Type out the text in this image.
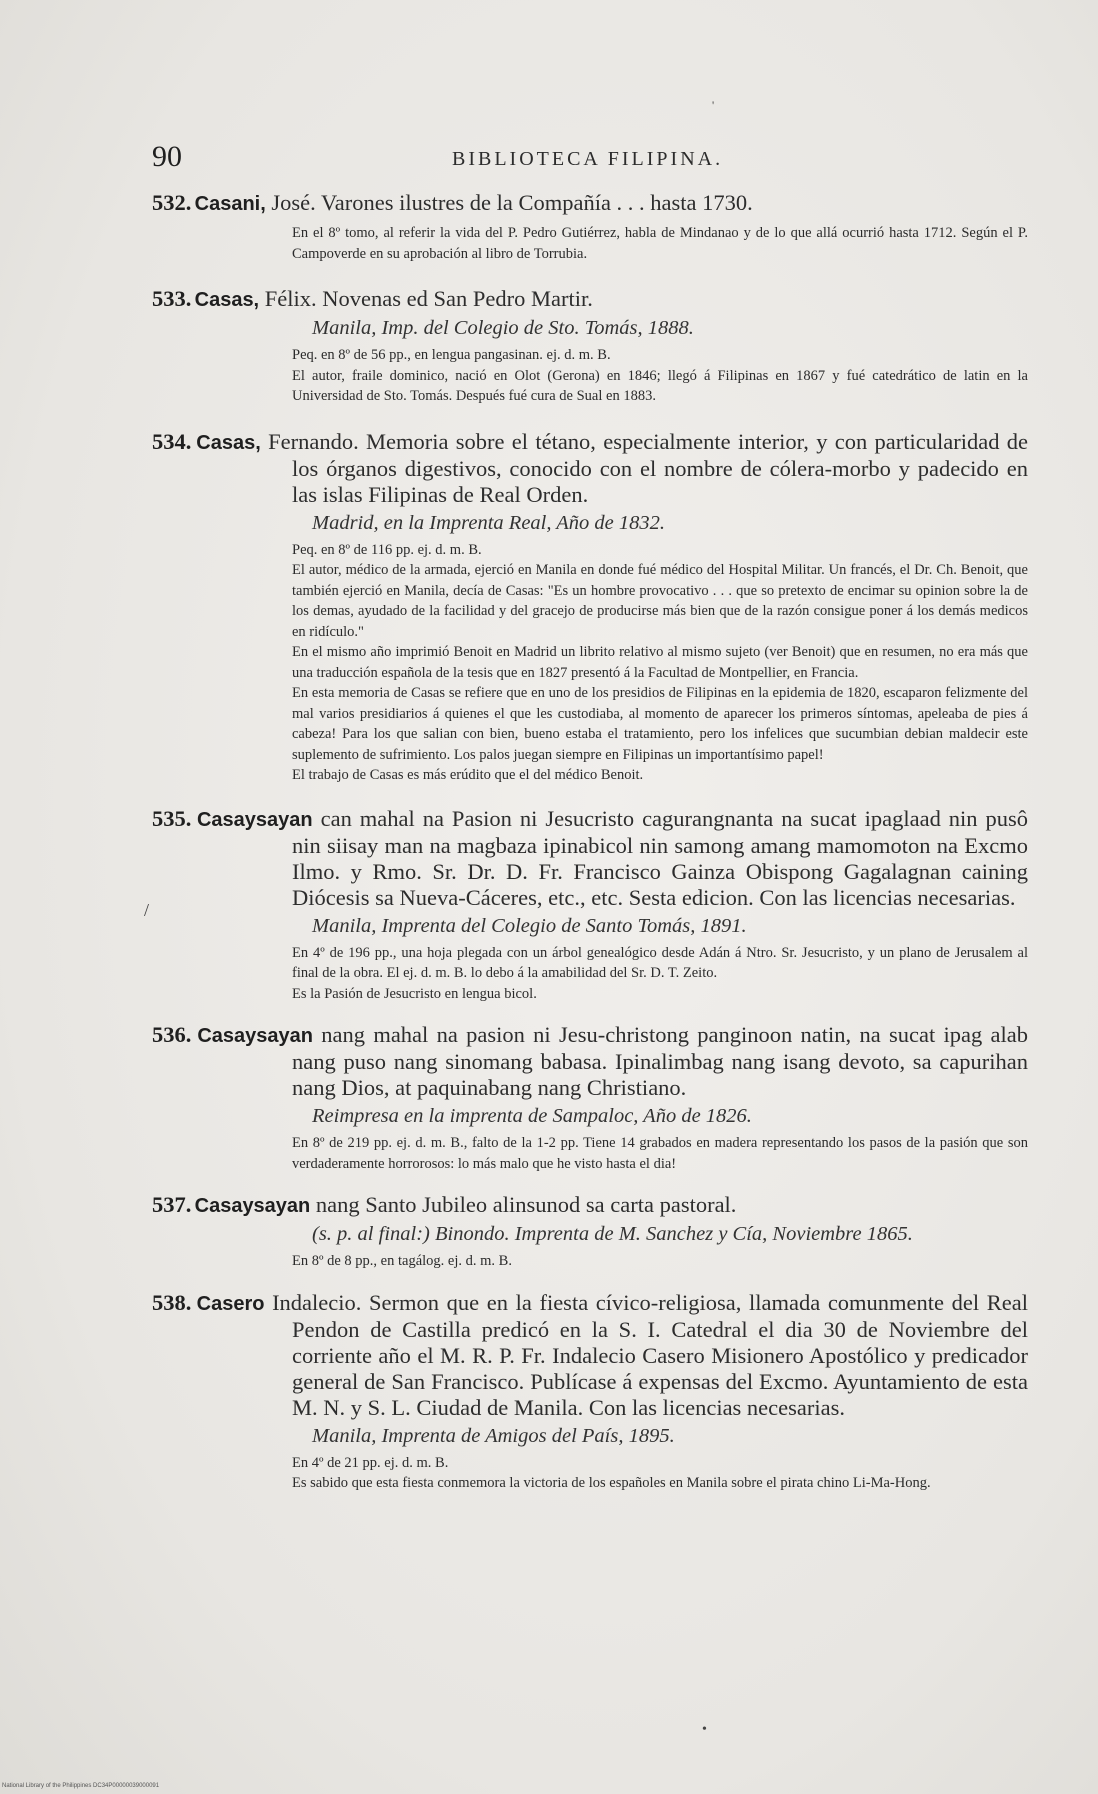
90	BIBLIOTECA FILIPINA.

532. Casani, José. Varones ilustres de la Compañía . . . hasta 1730.

En el 8º tomo, al referir la vida del P. Pedro Gutiérrez, habla de Mindanao y de lo que allá ocurrió hasta 1712. Según el P. Campoverde en su aprobación al libro de Torrubia.

533. Casas, Félix. Novenas ed San Pedro Martir.

Manila, Imp. del Colegio de Sto. Tomás, 1888.

Peq. en 8º de 56 pp., en lengua pangasinan. ej. d. m. B.

El autor, fraile dominico, nació en Olot (Gerona) en 1846; llegó á Filipinas en 1867 y fué catedrático de latin en la Universidad de Sto. Tomás. Después fué cura de Sual en 1883.

534. Casas, Fernando. Memoria sobre el tétano, especialmente interior, y con particularidad de los órganos digestivos, conocido con el nombre de cólera-morbo y padecido en las islas Filipinas de Real Orden.

Madrid, en la Imprenta Real, Año de 1832.

Peq. en 8º de 116 pp. ej. d. m. B.

El autor, médico de la armada, ejerció en Manila en donde fué médico del Hospital Militar. Un francés, el Dr. Ch. Benoit, que también ejerció en Manila, decía de Casas: "Es un hombre provocativo . . . que so pretexto de encimar su opinion sobre la de los demas, ayudado de la facilidad y del gracejo de producirse más bien que de la razón consigue poner á los demás medicos en ridículo."

En el mismo año imprimió Benoit en Madrid un librito relativo al mismo sujeto (ver Benoit) que en resumen, no era más que una traducción española de la tesis que en 1827 presentó á la Facultad de Montpellier, en Francia.

En esta memoria de Casas se refiere que en uno de los presidios de Filipinas en la epidemia de 1820, escaparon felizmente del mal varios presidiarios á quienes el que les custodiaba, al momento de aparecer los primeros síntomas, apeleaba de pies á cabeza! Para los que salian con bien, bueno estaba el tratamiento, pero los infelices que sucumbian debian maldecir este suplemento de sufrimiento. Los palos juegan siempre en Filipinas un importantísimo papel!

El trabajo de Casas es más erúdito que el del médico Benoit.

535. Casaysayan can mahal na Pasion ni Jesucristo cagurangnanta na sucat ipaglaad nin pusô nin siisay man na magbaza ipinabicol nin samong amang mamomoton na Excmo Ilmo. y Rmo. Sr. Dr. D. Fr. Francisco Gainza Obispong Gagalagnan caining Diócesis sa Nueva-Cáceres, etc., etc. Sesta edicion. Con las licencias necesarias.

Manila, Imprenta del Colegio de Santo Tomás, 1891.

En 4º de 196 pp., una hoja plegada con un árbol genealógico desde Adán á Ntro. Sr. Jesucristo, y un plano de Jerusalem al final de la obra. El ej. d. m. B. lo debo á la amabilidad del Sr. D. T. Zeito.

Es la Pasión de Jesucristo en lengua bicol.

536. Casaysayan nang mahal na pasion ni Jesu-christong panginoon natin, na sucat ipag alab nang puso nang sinomang babasa. Ipinalimbag nang isang devoto, sa capurihan nang Dios, at paquinabang nang Christiano.

Reimpresa en la imprenta de Sampaloc, Año de 1826.

En 8º de 219 pp. ej. d. m. B., falto de la 1-2 pp. Tiene 14 grabados en madera representando los pasos de la pasión que son verdaderamente horrorosos: lo más malo que he visto hasta el dia!

537. Casaysayan nang Santo Jubileo alinsunod sa carta pastoral.

(s. p. al final:) Binondo. Imprenta de M. Sanchez y Cía, Noviembre 1865.

En 8º de 8 pp., en tagálog. ej. d. m. B.

538. Casero Indalecio. Sermon que en la fiesta cívico-religiosa, llamada comunmente del Real Pendon de Castilla predicó en la S. I. Catedral el dia 30 de Noviembre del corriente año el M. R. P. Fr. Indalecio Casero Misionero Apostólico y predicador general de San Francisco. Publícase á expensas del Excmo. Ayuntamiento de esta M. N. y S. L. Ciudad de Manila. Con las licencias necesarias.

Manila, Imprenta de Amigos del País, 1895.

En 4º de 21 pp. ej. d. m. B.

Es sabido que esta fiesta conmemora la victoria de los españoles en Manila sobre el pirata chino Li-Ma-Hong.

/
'
•
National Library of the Philippines DC34P00000039000091
